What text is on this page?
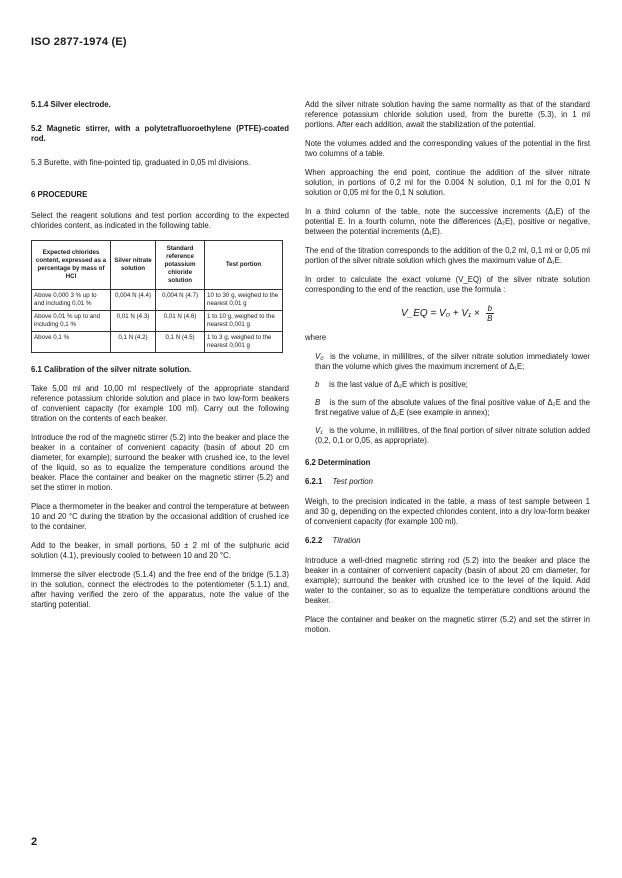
ISO 2877-1974 (E)

5.1.4 Silver electrode.

5.2 Magnetic stirrer, with a polytetrafluoroethylene (PTFE)-coated rod.

5.3 Burette, with fine-pointed tip, graduated in 0,05 ml divisions.

6 PROCEDURE

Select the reagent solutions and test portion according to the expected chlorides content, as indicated in the following table.

Expected chlorides content, expressed as a percentage by mass of HCl	Silver nitrate solution	Standard reference potassium chloride solution	Test portion
Above 0,000 3 % up to and including 0,01 %	0,004 N (4.4)	0,004 N (4.7)	10 to 30 g, weighed to the nearest 0,01 g
Above 0,01 % up to and including 0,1 %	0,01 N (4.3)	0,01 N (4.6)	1 to 10 g, weighed to the nearest 0,001 g
Above 0,1 %	0,1 N (4.2)	0,1 N (4.5)	1 to 3 g, weighed to the nearest 0,001 g

6.1 Calibration of the silver nitrate solution.

Take 5,00 ml and 10,00 ml respectively of the appropriate standard reference potassium chloride solution and place in two low-form beakers of convenient capacity (for example 100 ml). Carry out the following titration on the contents of each beaker.

Introduce the rod of the magnetic stirrer (5.2) into the beaker and place the beaker in a container of convenient capacity (basin of about 20 cm diameter, for example); surround the beaker with crushed ice, to the level of the liquid, so as to equalize the temperature conditions around the beaker. Place the container and beaker on the magnetic stirrer (5.2) and set the stirrer in motion.

Place a thermometer in the beaker and control the temperature at between 10 and 20 °C during the titration by the occasional addition of crushed ice to the container.

Add to the beaker, in small portions, 50 ± 2 ml of the sulphuric acid solution (4.1), previously cooled to between 10 and 20 °C.

Immerse the silver electrode (5.1.4) and the free end of the bridge (5.1.3) in the solution, connect the electrodes to the potentiometer (5.1.1) and, after having verified the zero of the apparatus, note the value of the starting potential.

Add the silver nitrate solution having the same normality as that of the standard reference potassium chloride solution used, from the burette (5.3), in 1 ml portions. After each addition, await the stabilization of the potential.

Note the volumes added and the corresponding values of the potential in the first two columns of a table.

When approaching the end point, continue the addition of the silver nitrate solution, in portions of 0,2 ml for the 0.004 N solution, 0,1 ml for the 0,01 N solution or 0,05 ml for the 0,1 N solution.

In a third column of the table, note the successive increments (Δ₁E) of the potential E. In a fourth column, note the differences (Δ₂E), positive or negative, between the potential increments (Δ₁E).

The end of the titration corresponds to the addition of the 0,2 ml, 0,1 ml or 0,05 ml portion of the silver nitrate solution which gives the maximum value of Δ₁E.

In order to calculate the exact volume (V_EQ) of the silver nitrate solution corresponding to the end of the reaction, use the formula :

V_EQ = $V_0 + V_1 \times \frac{b}{B}$

where

V₀ is the volume, in millilitres, of the silver nitrate solution immediately lower than the volume which gives the maximum increment of Δ₁E;

b is the last value of Δ₂E which is positive;

B is the sum of the absolute values of the final positive value of Δ₂E and the first negative value of Δ₂E (see example in annex);

V₁ is the volume, in millilitres, of the final portion of silver nitrate solution added (0,2, 0,1 or 0,05, as appropriate).

6.2 Determination

6.2.1 Test portion

Weigh, to the precision indicated in the table, a mass of test sample between 1 and 30 g, depending on the expected chlorides content, into a dry low-form beaker of convenient capacity (for example 100 ml).

6.2.2 Titration

Introduce a well-dried magnetic stirring rod (5.2) into the beaker and place the beaker in a container of convenient capacity (basin of about 20 cm diameter, for example); surround the beaker with crushed ice to the level of the liquid. Add water to the container, so as to equalize the temperature conditions around the beaker.

Place the container and beaker on the magnetic stirrer (5.2) and set the stirrer in motion.

2
